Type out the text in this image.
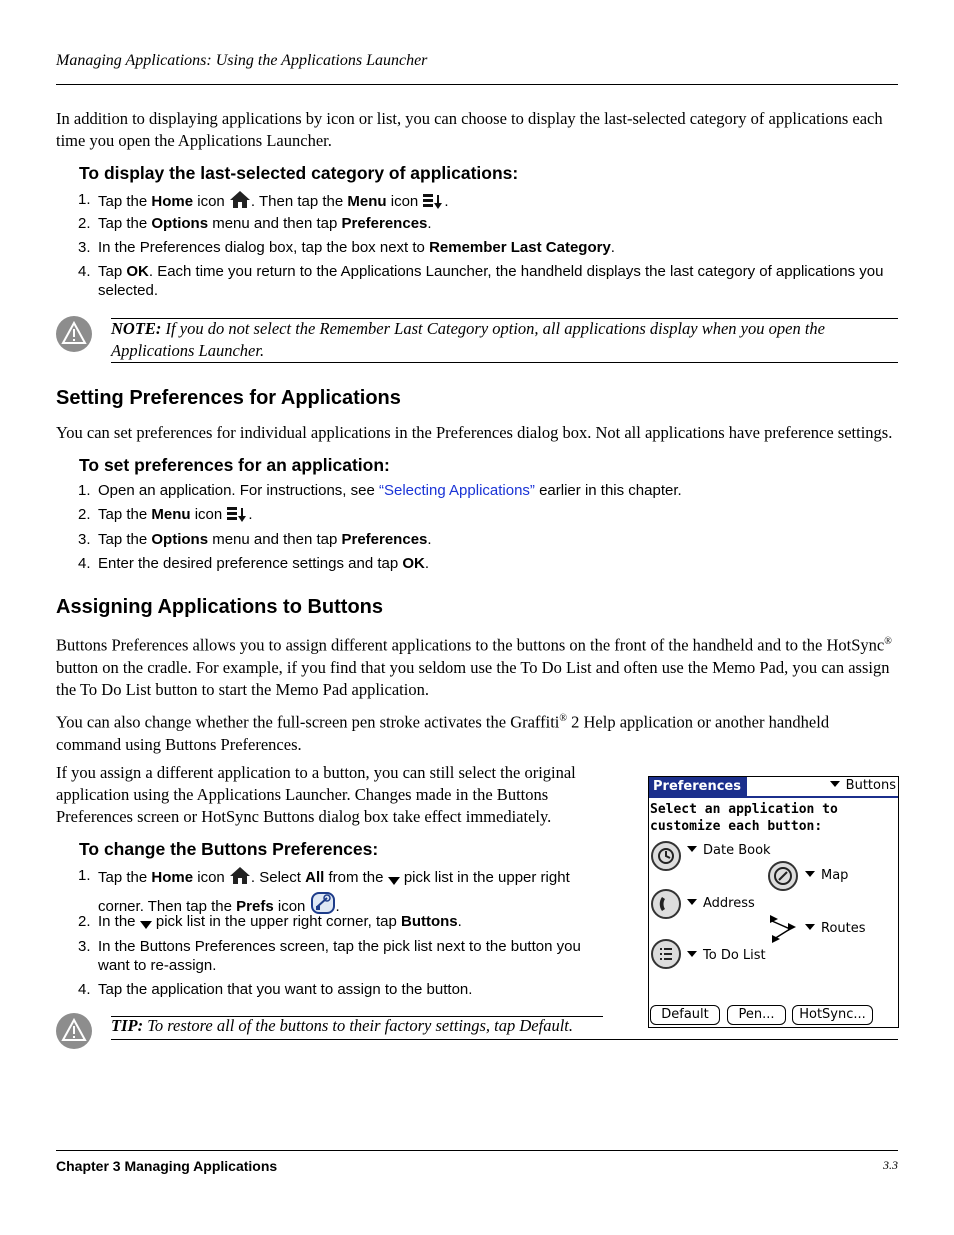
Managing Applications: Using the Applications Launcher
In addition to displaying applications by icon or list, you can choose to display the last-selected category of applications each time you open the Applications Launcher.
To display the last-selected category of applications:
1. Tap the Home icon . Then tap the Menu icon .
2. Tap the Options menu and then tap Preferences.
3. In the Preferences dialog box, tap the box next to Remember Last Category.
4. Tap OK. Each time you return to the Applications Launcher, the handheld displays the last category of applications you selected.
NOTE: If you do not select the Remember Last Category option, all applications display when you open the Applications Launcher.
Setting Preferences for Applications
You can set preferences for individual applications in the Preferences dialog box. Not all applications have preference settings.
To set preferences for an application:
1. Open an application. For instructions, see “Selecting Applications” earlier in this chapter.
2. Tap the Menu icon .
3. Tap the Options menu and then tap Preferences.
4. Enter the desired preference settings and tap OK.
Assigning Applications to Buttons
Buttons Preferences allows you to assign different applications to the buttons on the front of the handheld and to the HotSync® button on the cradle. For example, if you find that you seldom use the To Do List and often use the Memo Pad, you can assign the To Do List button to start the Memo Pad application.
You can also change whether the full-screen pen stroke activates the Graffiti® 2 Help application or another handheld command using Buttons Preferences.
If you assign a different application to a button, you can still select the original application using the Applications Launcher. Changes made in the Buttons Preferences screen or HotSync Buttons dialog box take effect immediately.
To change the Buttons Preferences:
1. Tap the Home icon . Select All from the  pick list in the upper right corner. Then tap the Prefs icon .
2. In the  pick list in the upper right corner, tap Buttons.
3. In the Buttons Preferences screen, tap the pick list next to the button you want to re-assign.
4. Tap the application that you want to assign to the button.
TIP: To restore all of the buttons to their factory settings, tap Default.
Preferences	Buttons
Select an application to
customize each button:
Date Book
Map
Address
Routes
To Do List
Default	Pen...	HotSync...
Chapter 3 Managing Applications	3.3
